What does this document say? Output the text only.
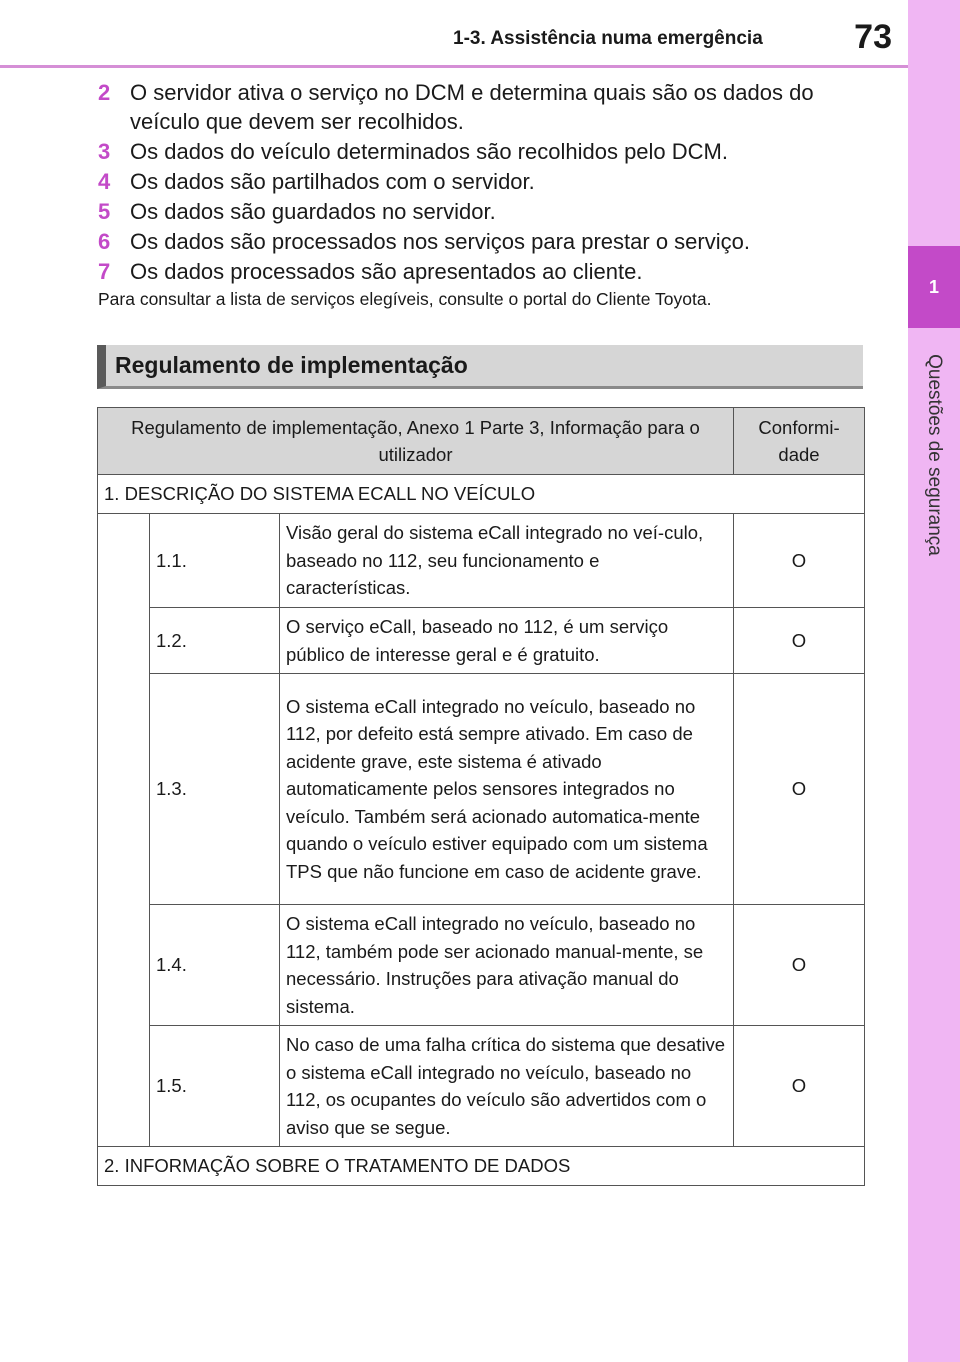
1-3. Assistência numa emergência	73
1
Questões de segurança
2 O servidor ativa o serviço no DCM e determina quais são os dados do veículo que devem ser recolhidos.
3 Os dados do veículo determinados são recolhidos pelo DCM.
4 Os dados são partilhados com o servidor.
5 Os dados são guardados no servidor.
6 Os dados são processados nos serviços para prestar o serviço.
7 Os dados processados são apresentados ao cliente.
Para consultar a lista de serviços elegíveis, consulte o portal do Cliente Toyota.
Regulamento de implementação
Regulamento de implementação, Anexo 1 Parte 3, Informação para o utilizador			Conformi-dade
1. DESCRIÇÃO DO SISTEMA ECALL NO VEÍCULO			
	1.1.	Visão geral do sistema eCall integrado no veí-culo, baseado no 112, seu funcionamento e características.	O
	1.2.	O serviço eCall, baseado no 112, é um serviço público de interesse geral e é gratuito.	O
	1.3.	O sistema eCall integrado no veículo, baseado no 112, por defeito está sempre ativado. Em caso de acidente grave, este sistema é ativado automaticamente pelos sensores integrados no veículo. Também será acionado automatica-mente quando o veículo estiver equipado com um sistema TPS que não funcione em caso de acidente grave.	O
	1.4.	O sistema eCall integrado no veículo, baseado no 112, também pode ser acionado manual-mente, se necessário. Instruções para ativação manual do sistema.	O
	1.5.	No caso de uma falha crítica do sistema que desative o sistema eCall integrado no veículo, baseado no 112, os ocupantes do veículo são advertidos com o aviso que se segue.	O
2. INFORMAÇÃO SOBRE O TRATAMENTO DE DADOS			
